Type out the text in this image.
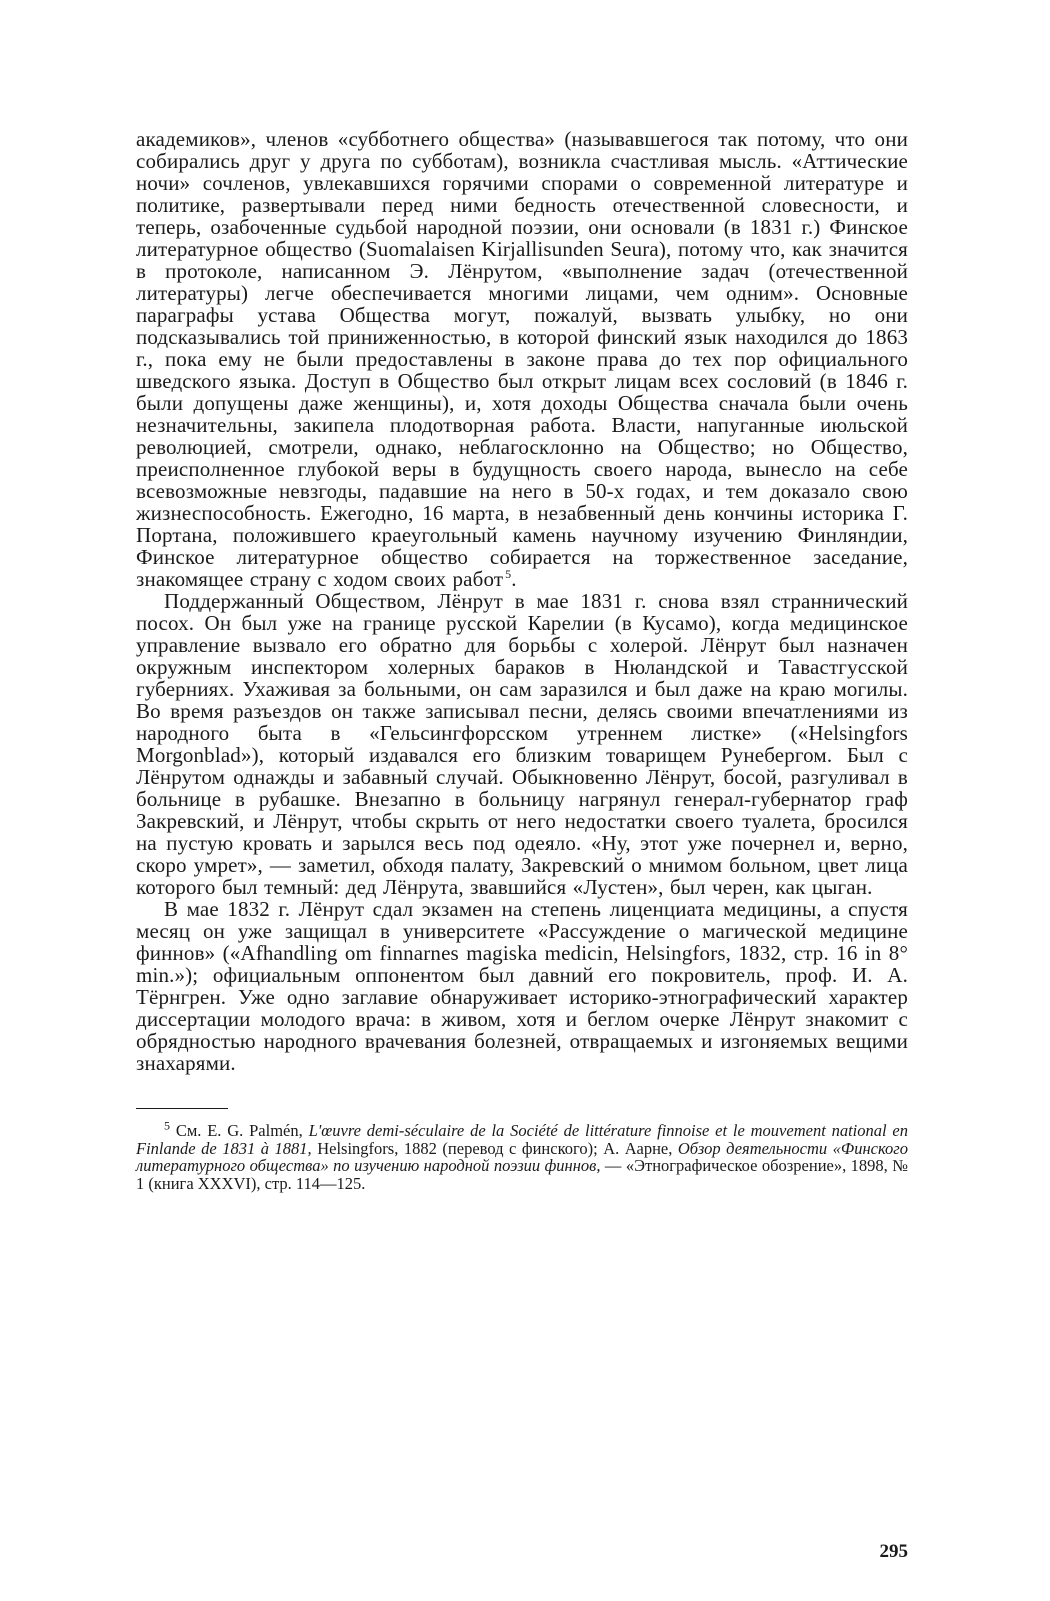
академиков», членов «субботнего общества» (называвшегося так потому, что они собирались друг у друга по субботам), возникла счастливая мысль. «Аттические ночи» сочленов, увлекавшихся горячими спорами о современной литературе и политике, развертывали перед ними бедность отечественной словесности, и теперь, озабоченные судьбой народной поэзии, они основали (в 1831 г.) Финское литературное общество (Suomalaisen Kirjallisunden Seura), потому что, как значится в протоколе, написанном Э. Лёнрутом, «выполнение задач (отечественной литературы) легче обеспечивается многими лицами, чем одним». Основные параграфы устава Общества могут, пожалуй, вызвать улыбку, но они подсказывались той приниженностью, в которой финский язык находился до 1863 г., пока ему не были предоставлены в законе права до тех пор официального шведского языка. Доступ в Общество был открыт лицам всех сословий (в 1846 г. были допущены даже женщины), и, хотя доходы Общества сначала были очень незначительны, закипела плодотворная работа. Власти, напуганные июльской революцией, смотрели, однако, неблагосклонно на Общество; но Общество, преисполненное глубокой веры в будущность своего народа, вынесло на себе всевозможные невзгоды, падавшие на него в 50-х годах, и тем доказало свою жизнеспособность. Ежегодно, 16 марта, в незабвенный день кончины историка Г. Портана, положившего краеугольный камень научному изучению Финляндии, Финское литературное общество собирается на торжественное заседание, знакомящее страну с ходом своих работ  $^5$.

Поддержанный Обществом, Лёнрут в мае 1831 г. снова взял страннический посох. Он был уже на границе русской Карелии (в Кусамо), когда медицинское управление вызвало его обратно для борьбы с холерой. Лёнрут был назначен окружным инспектором холерных бараков в Нюландской и Тавастгусской губерниях. Ухаживая за больными, он сам заразился и был даже на краю могилы. Во время разъездов он также записывал песни, делясь своими впечатлениями из народного быта в «Гельсингфорсском утреннем листке» («Helsingfors Morgonblad»), который издавался его близким товарищем Рунебергом. Был с Лёнрутом однажды и забавный случай. Обыкновенно Лёнрут, босой, разгуливал в больнице в рубашке. Внезапно в больницу нагрянул генерал-губернатор граф Закревский, и Лёнрут, чтобы скрыть от него недостатки своего туалета, бросился на пустую кровать и зарылся весь под одеяло. «Ну, этот уже почернел и, верно, скоро умрет», — заметил, обходя палату, Закревский о мнимом больном, цвет лица которого был темный: дед Лёнрута, звавшийся «Лустен», был черен, как цыган.

В мае 1832 г. Лёнрут сдал экзамен на степень лиценциата медицины, а спустя месяц он уже защищал в университете «Рассуждение о магической медицине финнов» («Afhandling om finnarnes magiska medicin, Helsingfors, 1832, стр. 16 in 8° min.»); официальным оппонентом был давний его покровитель, проф. И. А. Тёрнгрен. Уже одно заглавие обнаруживает историко-этнографический характер диссертации молодого врача: в живом, хотя и беглом очерке Лёнрут знакомит с обрядностью народного врачевания болезней, отвращаемых и изгоняемых вещими знахарями.

$^5$ См. E. G. Palmén, L'œuvre demi-séculaire de la Société de littérature finnoise et le mouvement national en Finlande de 1831 à 1881, Helsingfors, 1882 (перевод с финского); А. Аарне, Обзор деятельности «Финского литературного общества» по изучению народной поэзии финнов, — «Этнографическое обозрение», 1898, № 1 (книга XXXVI), стр. 114—125.

295
